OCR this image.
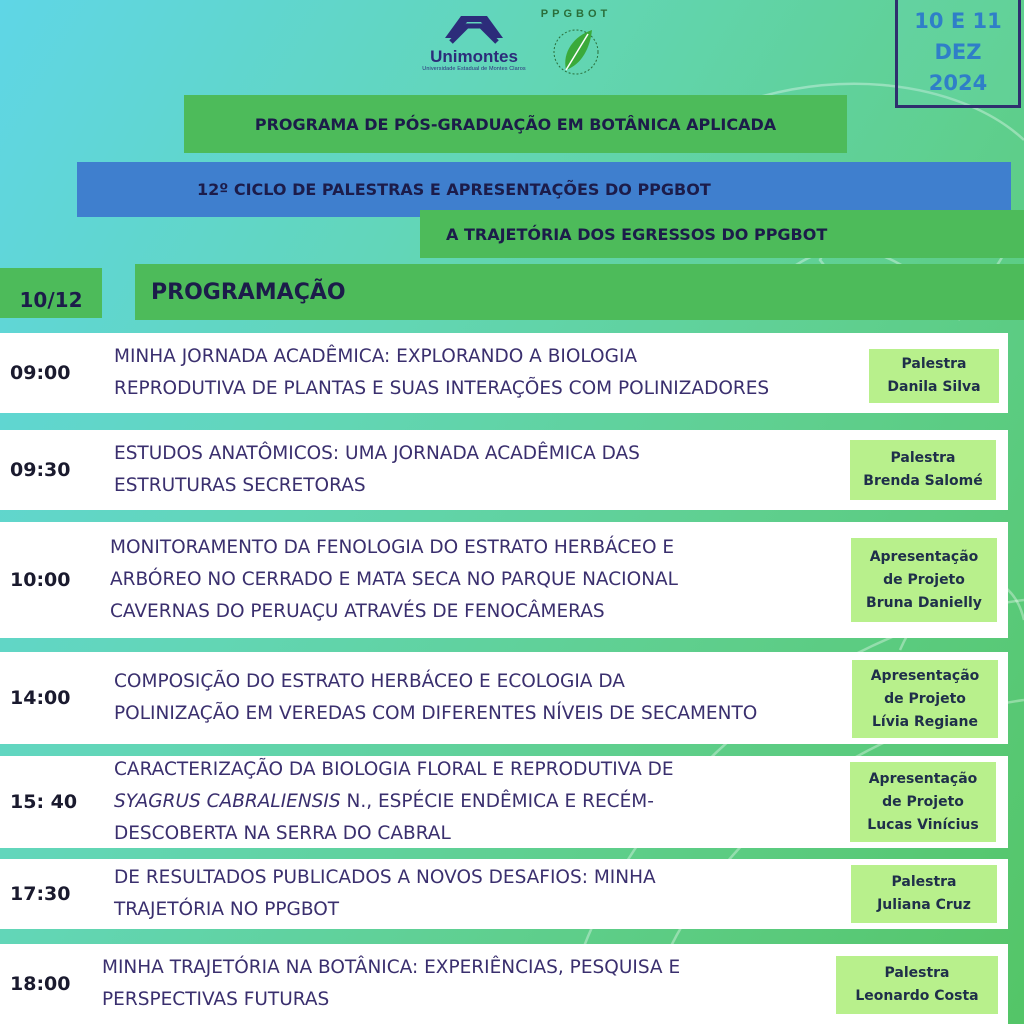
Unimontes
Universidade Estadual de Montes Claros
PPGBOT	10 E 11
DEZ
2024
PROGRAMA DE PÓS-GRADUAÇÃO EM BOTÂNICA APLICADA
12º CICLO DE PALESTRAS E APRESENTAÇÕES DO PPGBOT
A TRAJETÓRIA DOS EGRESSOS DO PPGBOT
10/12	PROGRAMAÇÃO
09:00
MINHA JORNADA ACADÊMICA: EXPLORANDO A BIOLOGIA
REPRODUTIVA DE PLANTAS E SUAS INTERAÇÕES COM POLINIZADORES
Palestra
Danila Silva
09:30
ESTUDOS ANATÔMICOS: UMA JORNADA ACADÊMICA DAS
ESTRUTURAS SECRETORAS
Palestra
Brenda Salomé
10:00
MONITORAMENTO DA FENOLOGIA DO ESTRATO HERBÁCEO E
ARBÓREO NO CERRADO E MATA SECA NO PARQUE NACIONAL
CAVERNAS DO PERUAÇU ATRAVÉS DE FENOCÂMERAS
Apresentação
de Projeto
Bruna Danielly
14:00
COMPOSIÇÃO DO ESTRATO HERBÁCEO E ECOLOGIA DA
POLINIZAÇÃO EM VEREDAS COM DIFERENTES NÍVEIS DE SECAMENTO
Apresentação
de Projeto
Lívia Regiane
15: 40
CARACTERIZAÇÃO DA BIOLOGIA FLORAL E REPRODUTIVA DE
SYAGRUS CABRALIENSIS N., ESPÉCIE ENDÊMICA E RECÉM-
DESCOBERTA NA SERRA DO CABRAL
Apresentação
de Projeto
Lucas Vinícius
17:30
DE RESULTADOS PUBLICADOS A NOVOS DESAFIOS: MINHA
TRAJETÓRIA NO PPGBOT
Palestra
Juliana Cruz
18:00
MINHA TRAJETÓRIA NA BOTÂNICA: EXPERIÊNCIAS, PESQUISA E
PERSPECTIVAS FUTURAS
Palestra
Leonardo Costa
